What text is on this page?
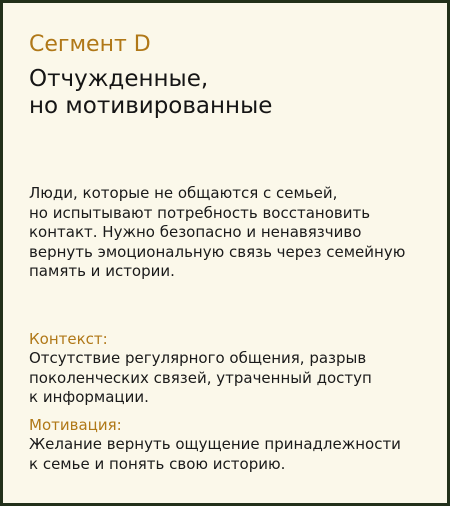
Сегмент D
Отчужденные,
но мотивированные
Люди, которые не общаются с семьей,
но испытывают потребность восстановить
контакт. Нужно безопасно и ненавязчиво
вернуть эмоциональную связь через семейную
память и истории.
Контекст:
Отсутствие регулярного общения, разрыв
поколенческих связей, утраченный доступ
к информации.
Мотивация:
Желание вернуть ощущение принадлежности
к семье и понять свою историю.
